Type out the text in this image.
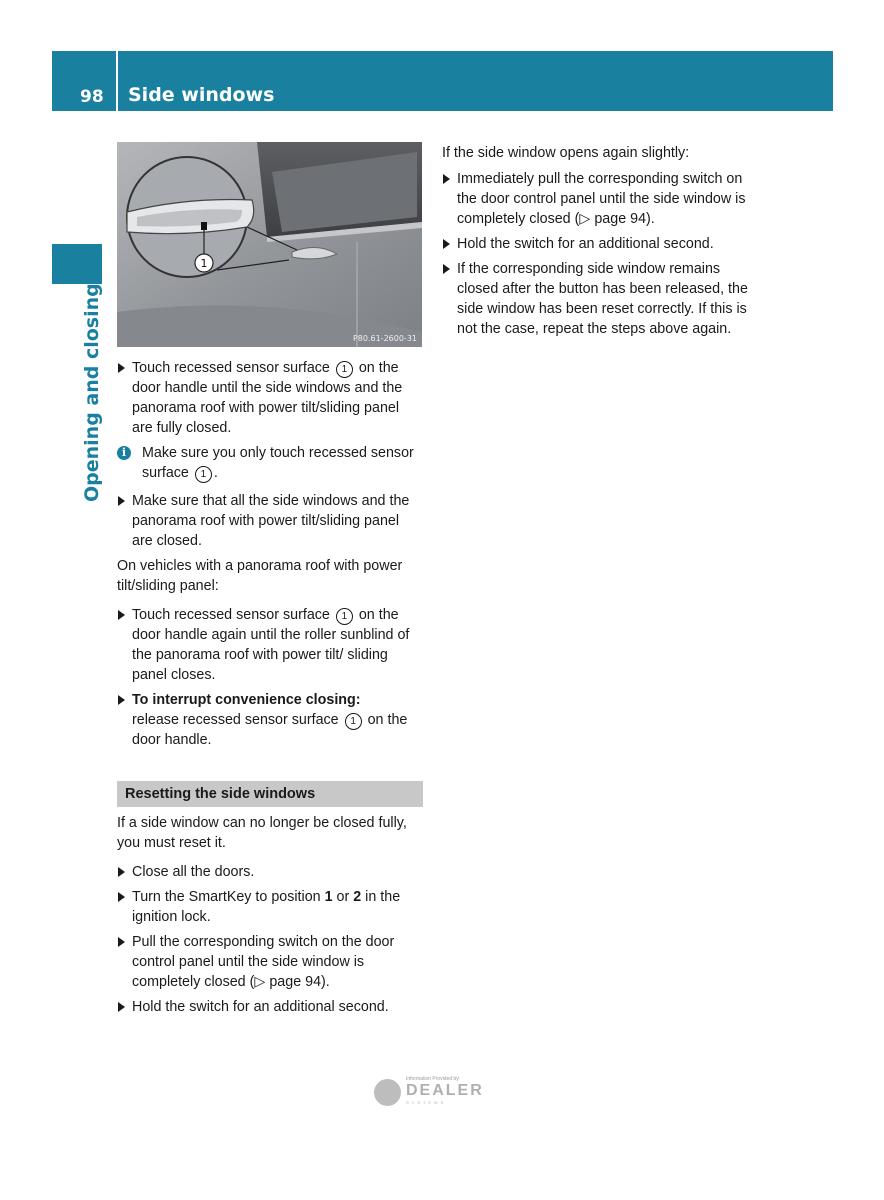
98 Side windows
Opening and closing
1
P80.61-2600-31
Touch recessed sensor surface 1 on the door handle until the side windows and the panorama roof with power tilt/sliding panel are fully closed.
i	Make sure you only touch recessed sensor surface 1 .
Make sure that all the side windows and the panorama roof with power tilt/sliding panel are closed.

On vehicles with a panorama roof with power tilt/sliding panel:

Touch recessed sensor surface 1 on the door handle again until the roller sunblind of the panorama roof with power tilt/ sliding panel closes.
To interrupt convenience closing:
release recessed sensor surface 1 on the door handle.
Resetting the side windows

If a side window can no longer be closed fully, you must reset it.

Close all the doors.
Turn the SmartKey to position 1 or 2 in the ignition lock.
Pull the corresponding switch on the door control panel until the side window is completely closed (▷ page 94).
Hold the switch for an additional second.

If the side window opens again slightly:

Immediately pull the corresponding switch on the door control panel until the side window is completely closed (▷ page 94).
Hold the switch for an additional second.
If the corresponding side window remains closed after the button has been released, the side window has been reset correctly. If this is not the case, repeat the steps above again.
Information Provided by:
DEALER
SYSTEMS
